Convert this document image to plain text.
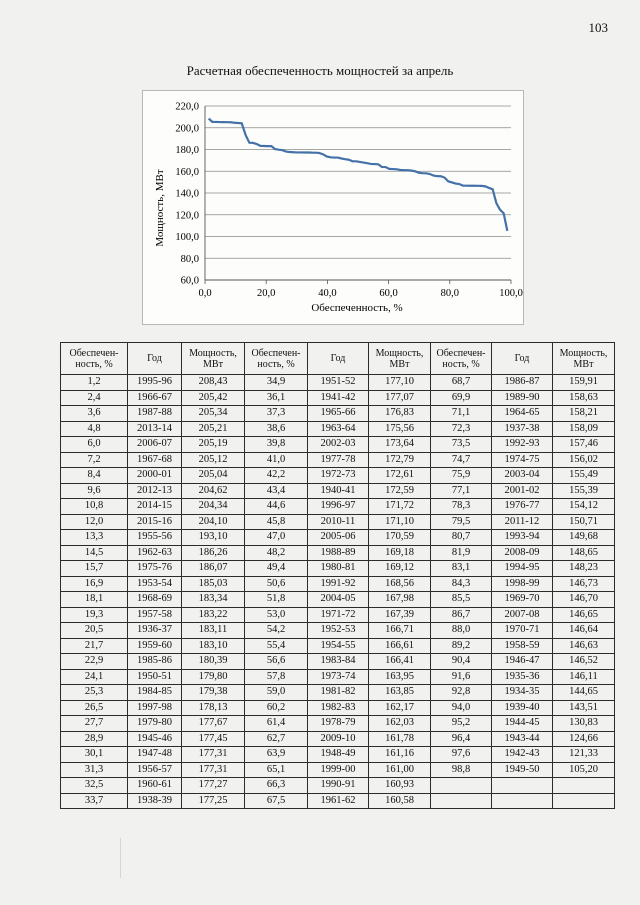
103
Расчетная обеспеченность мощностей за апрель
60,0
80,0
100,0
120,0
140,0
160,0
180,0
200,0
220,0
0,0	20,0	40,0	60,0	80,0	100,0
Обеспеченность, %
Мощность, МВт
Обеспечен-ность, %	Год	Мощность, МВт	Обеспечен-ность, %	Год	Мощность, МВт	Обеспечен-ность, %	Год	Мощность, МВт
1,2	1995-96	208,43	34,9	1951-52	177,10	68,7	1986-87	159,91
2,4	1966-67	205,42	36,1	1941-42	177,07	69,9	1989-90	158,63
3,6	1987-88	205,34	37,3	1965-66	176,83	71,1	1964-65	158,21
4,8	2013-14	205,21	38,6	1963-64	175,56	72,3	1937-38	158,09
6,0	2006-07	205,19	39,8	2002-03	173,64	73,5	1992-93	157,46
7,2	1967-68	205,12	41,0	1977-78	172,79	74,7	1974-75	156,02
8,4	2000-01	205,04	42,2	1972-73	172,61	75,9	2003-04	155,49
9,6	2012-13	204,62	43,4	1940-41	172,59	77,1	2001-02	155,39
10,8	2014-15	204,34	44,6	1996-97	171,72	78,3	1976-77	154,12
12,0	2015-16	204,10	45,8	2010-11	171,10	79,5	2011-12	150,71
13,3	1955-56	193,10	47,0	2005-06	170,59	80,7	1993-94	149,68
14,5	1962-63	186,26	48,2	1988-89	169,18	81,9	2008-09	148,65
15,7	1975-76	186,07	49,4	1980-81	169,12	83,1	1994-95	148,23
16,9	1953-54	185,03	50,6	1991-92	168,56	84,3	1998-99	146,73
18,1	1968-69	183,34	51,8	2004-05	167,98	85,5	1969-70	146,70
19,3	1957-58	183,22	53,0	1971-72	167,39	86,7	2007-08	146,65
20,5	1936-37	183,11	54,2	1952-53	166,71	88,0	1970-71	146,64
21,7	1959-60	183,10	55,4	1954-55	166,61	89,2	1958-59	146,63
22,9	1985-86	180,39	56,6	1983-84	166,41	90,4	1946-47	146,52
24,1	1950-51	179,80	57,8	1973-74	163,95	91,6	1935-36	146,11
25,3	1984-85	179,38	59,0	1981-82	163,85	92,8	1934-35	144,65
26,5	1997-98	178,13	60,2	1982-83	162,17	94,0	1939-40	143,51
27,7	1979-80	177,67	61,4	1978-79	162,03	95,2	1944-45	130,83
28,9	1945-46	177,45	62,7	2009-10	161,78	96,4	1943-44	124,66
30,1	1947-48	177,31	63,9	1948-49	161,16	97,6	1942-43	121,33
31,3	1956-57	177,31	65,1	1999-00	161,00	98,8	1949-50	105,20
32,5	1960-61	177,27	66,3	1990-91	160,93			
33,7	1938-39	177,25	67,5	1961-62	160,58			
